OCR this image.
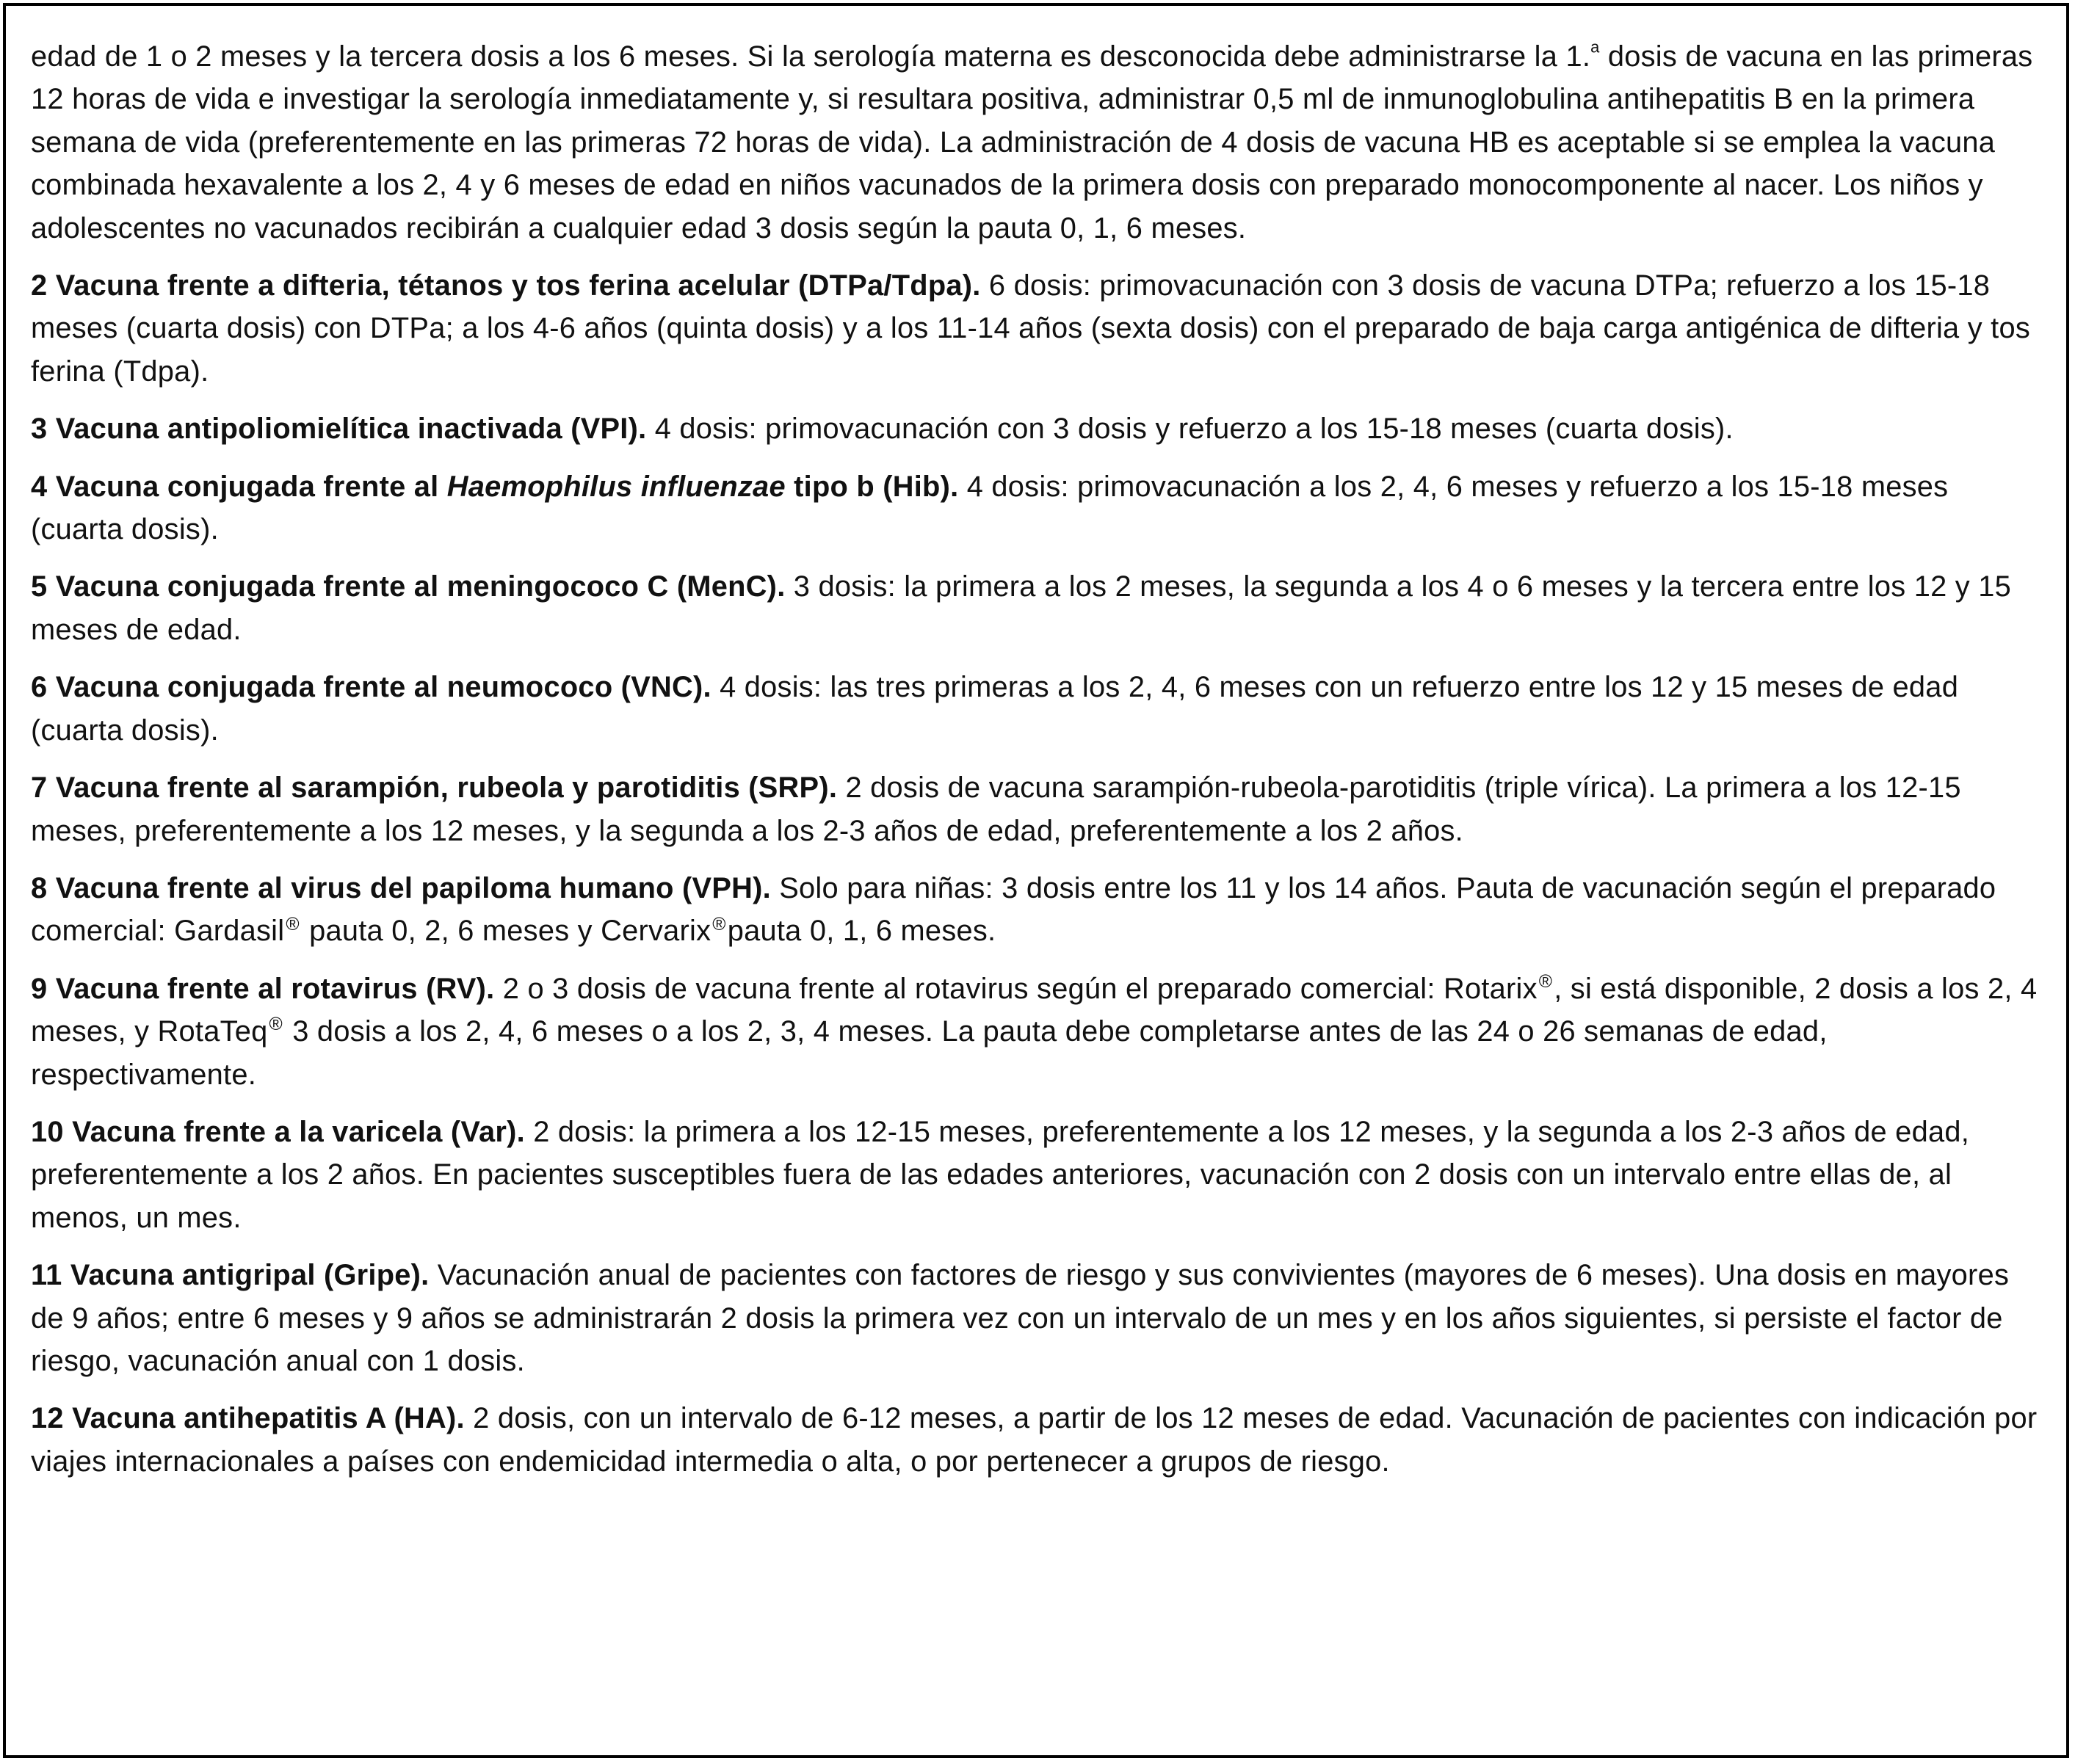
edad de 1 o 2 meses y la tercera dosis a los 6 meses. Si la serología materna es desconocida debe administrarse la 1.$^a$ dosis de vacuna en las primeras 12 horas de vida e investigar la serología inmediatamente y, si resultara positiva, administrar 0,5 ml de inmunoglobulina antihepatitis B en la primera semana de vida (preferentemente en las primeras 72 horas de vida). La administración de 4 dosis de vacuna HB es aceptable si se emplea la vacuna combinada hexavalente a los 2, 4 y 6 meses de edad en niños vacunados de la primera dosis con preparado monocomponente al nacer. Los niños y adolescentes no vacunados recibirán a cualquier edad 3 dosis según la pauta 0, 1, 6 meses.

2 Vacuna frente a difteria, tétanos y tos ferina acelular (DTPa/Tdpa). 6 dosis: primovacunación con 3 dosis de vacuna DTPa; refuerzo a los 15-18 meses (cuarta dosis) con DTPa; a los 4-6 años (quinta dosis) y a los 11-14 años (sexta dosis) con el preparado de baja carga antigénica de difteria y tos ferina (Tdpa).

3 Vacuna antipoliomielítica inactivada (VPI). 4 dosis: primovacunación con 3 dosis y refuerzo a los 15-18 meses (cuarta dosis).

4 Vacuna conjugada frente al Haemophilus influenzae tipo b (Hib). 4 dosis: primovacunación a los 2, 4, 6 meses y refuerzo a los 15-18 meses (cuarta dosis).

5 Vacuna conjugada frente al meningococo C (MenC). 3 dosis: la primera a los 2 meses, la segunda a los 4 o 6 meses y la tercera entre los 12 y 15 meses de edad.

6 Vacuna conjugada frente al neumococo (VNC). 4 dosis: las tres primeras a los 2, 4, 6 meses con un refuerzo entre los 12 y 15 meses de edad (cuarta dosis).

7 Vacuna frente al sarampión, rubeola y parotiditis (SRP). 2 dosis de vacuna sarampión-rubeola-parotiditis (triple vírica). La primera a los 12-15 meses, preferentemente a los 12 meses, y la segunda a los 2-3 años de edad, preferentemente a los 2 años.

8 Vacuna frente al virus del papiloma humano (VPH). Solo para niñas: 3 dosis entre los 11 y los 14 años. Pauta de vacunación según el preparado comercial: Gardasil® pauta 0, 2, 6 meses y Cervarix®pauta 0, 1, 6 meses.

9 Vacuna frente al rotavirus (RV). 2 o 3 dosis de vacuna frente al rotavirus según el preparado comercial: Rotarix®, si está disponible, 2 dosis a los 2, 4 meses, y RotaTeq® 3 dosis a los 2, 4, 6 meses o a los 2, 3, 4 meses. La pauta debe completarse antes de las 24 o 26 semanas de edad, respectivamente.

10 Vacuna frente a la varicela (Var). 2 dosis: la primera a los 12-15 meses, preferentemente a los 12 meses, y la segunda a los 2-3 años de edad, preferentemente a los 2 años. En pacientes susceptibles fuera de las edades anteriores, vacunación con 2 dosis con un intervalo entre ellas de, al menos, un mes.

11 Vacuna antigripal (Gripe). Vacunación anual de pacientes con factores de riesgo y sus convivientes (mayores de 6 meses). Una dosis en mayores de 9 años; entre 6 meses y 9 años se administrarán 2 dosis la primera vez con un intervalo de un mes y en los años siguientes, si persiste el factor de riesgo, vacunación anual con 1 dosis.

12 Vacuna antihepatitis A (HA). 2 dosis, con un intervalo de 6-12 meses, a partir de los 12 meses de edad. Vacunación de pacientes con indicación por viajes internacionales a países con endemicidad intermedia o alta, o por pertenecer a grupos de riesgo.
